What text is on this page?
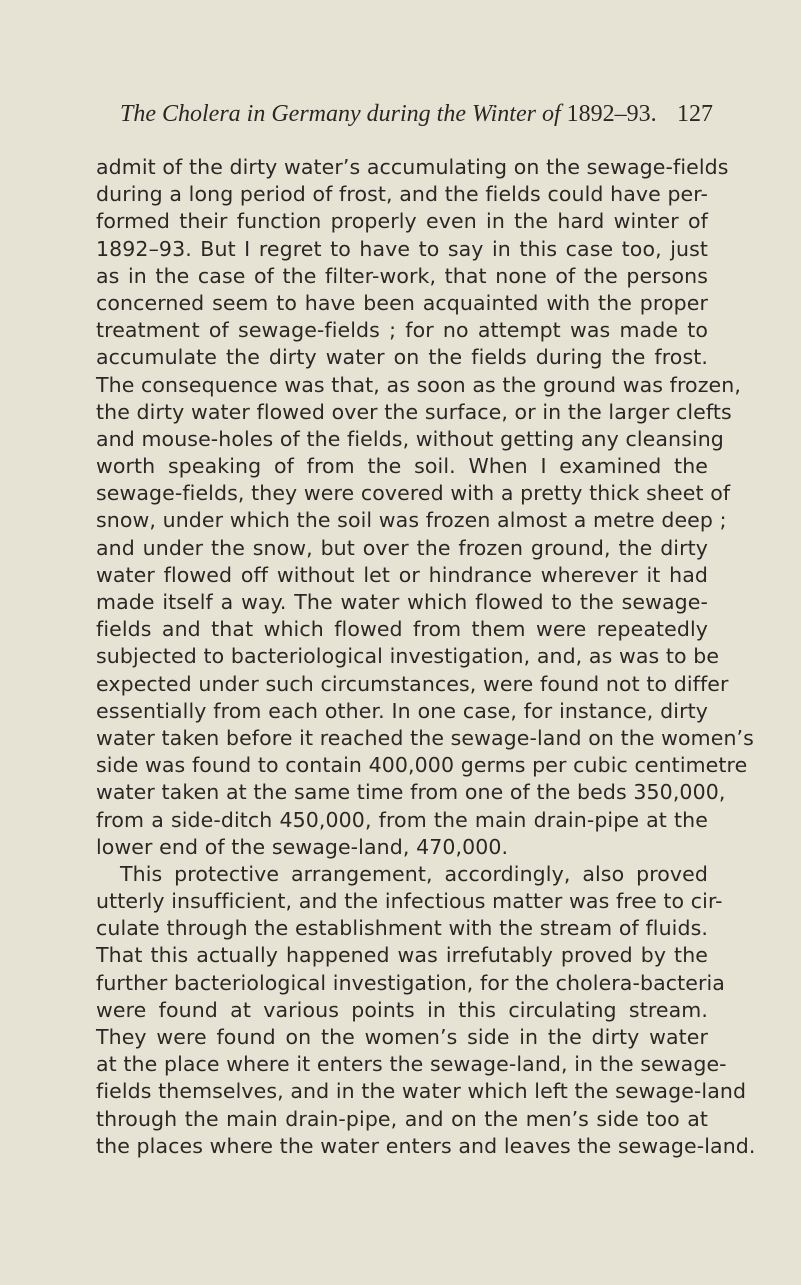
The Cholera in Germany during the Winter of 1892–93. 127
admit of the dirty water’s accumulating on the sewage-fields
during a long period of frost, and the fields could have per-
formed their function properly even in the hard winter of
1892–93. But I regret to have to say in this case too, just
as in the case of the filter-work, that none of the persons
concerned seem to have been acquainted with the proper
treatment of sewage-fields ; for no attempt was made to
accumulate the dirty water on the fields during the frost.
The consequence was that, as soon as the ground was frozen,
the dirty water flowed over the surface, or in the larger clefts
and mouse-holes of the fields, without getting any cleansing
worth speaking of from the soil. When I examined the
sewage-fields, they were covered with a pretty thick sheet of
snow, under which the soil was frozen almost a metre deep ;
and under the snow, but over the frozen ground, the dirty
water flowed off without let or hindrance wherever it had
made itself a way. The water which flowed to the sewage-
fields and that which flowed from them were repeatedly
subjected to bacteriological investigation, and, as was to be
expected under such circumstances, were found not to differ
essentially from each other. In one case, for instance, dirty
water taken before it reached the sewage-land on the women’s
side was found to contain 400,000 germs per cubic centimetre
water taken at the same time from one of the beds 350,000,
from a side-ditch 450,000, from the main drain-pipe at the
lower end of the sewage-land, 470,000.
This protective arrangement, accordingly, also proved
utterly insufficient, and the infectious matter was free to cir-
culate through the establishment with the stream of fluids.
That this actually happened was irrefutably proved by the
further bacteriological investigation, for the cholera-bacteria
were found at various points in this circulating stream.
They were found on the women’s side in the dirty water
at the place where it enters the sewage-land, in the sewage-
fields themselves, and in the water which left the sewage-land
through the main drain-pipe, and on the men’s side too at
the places where the water enters and leaves the sewage-land.
